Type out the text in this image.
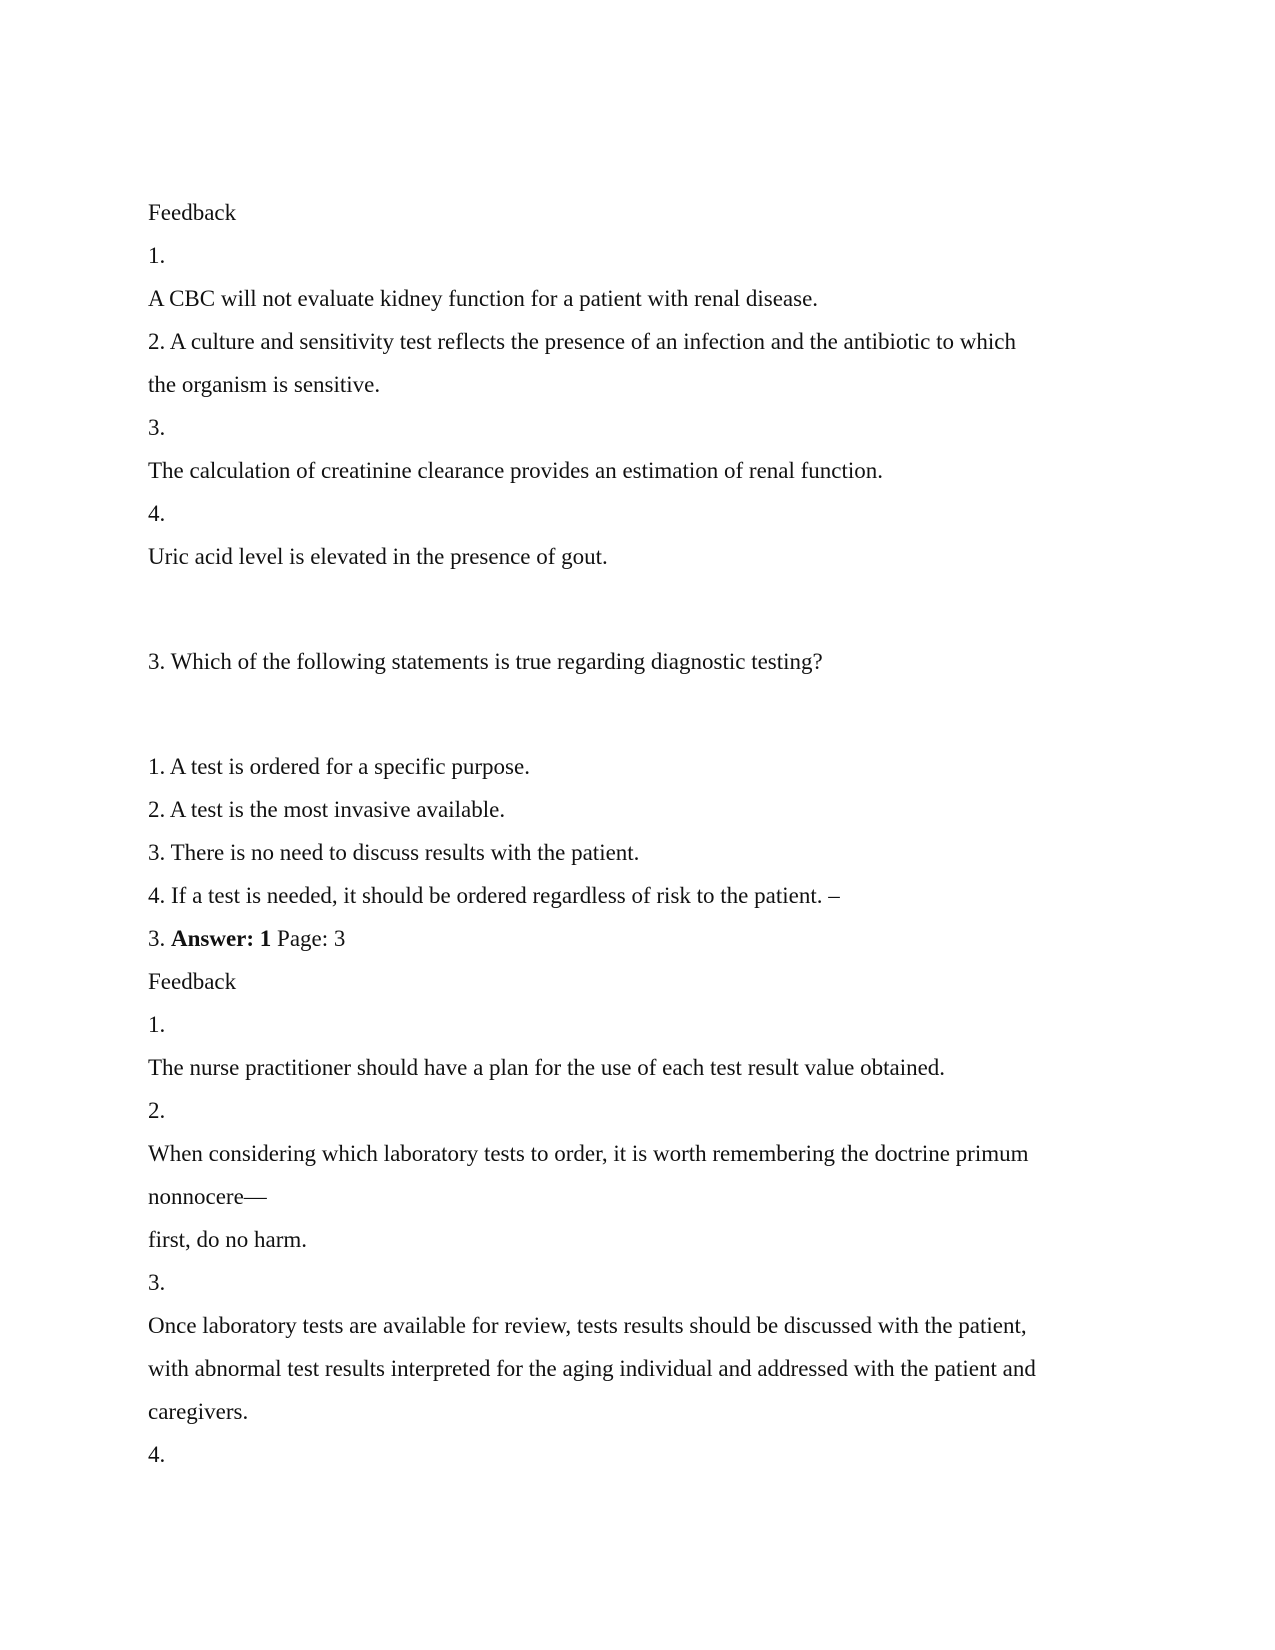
Feedback
1.
A CBC will not evaluate kidney function for a patient with renal disease.
2. A culture and sensitivity test reflects the presence of an infection and the antibiotic to which
the organism is sensitive.
3.
The calculation of creatinine clearance provides an estimation of renal function.
4.
Uric acid level is elevated in the presence of gout.
3. Which of the following statements is true regarding diagnostic testing?
1. A test is ordered for a specific purpose.
2. A test is the most invasive available.
3. There is no need to discuss results with the patient.
4. If a test is needed, it should be ordered regardless of risk to the patient. –
3. Answer: 1 Page: 3
Feedback
1.
The nurse practitioner should have a plan for the use of each test result value obtained.
2.
When considering which laboratory tests to order, it is worth remembering the doctrine primum
nonnocere—
first, do no harm.
3.
Once laboratory tests are available for review, tests results should be discussed with the patient,
with abnormal test results interpreted for the aging individual and addressed with the patient and
caregivers.
4.
